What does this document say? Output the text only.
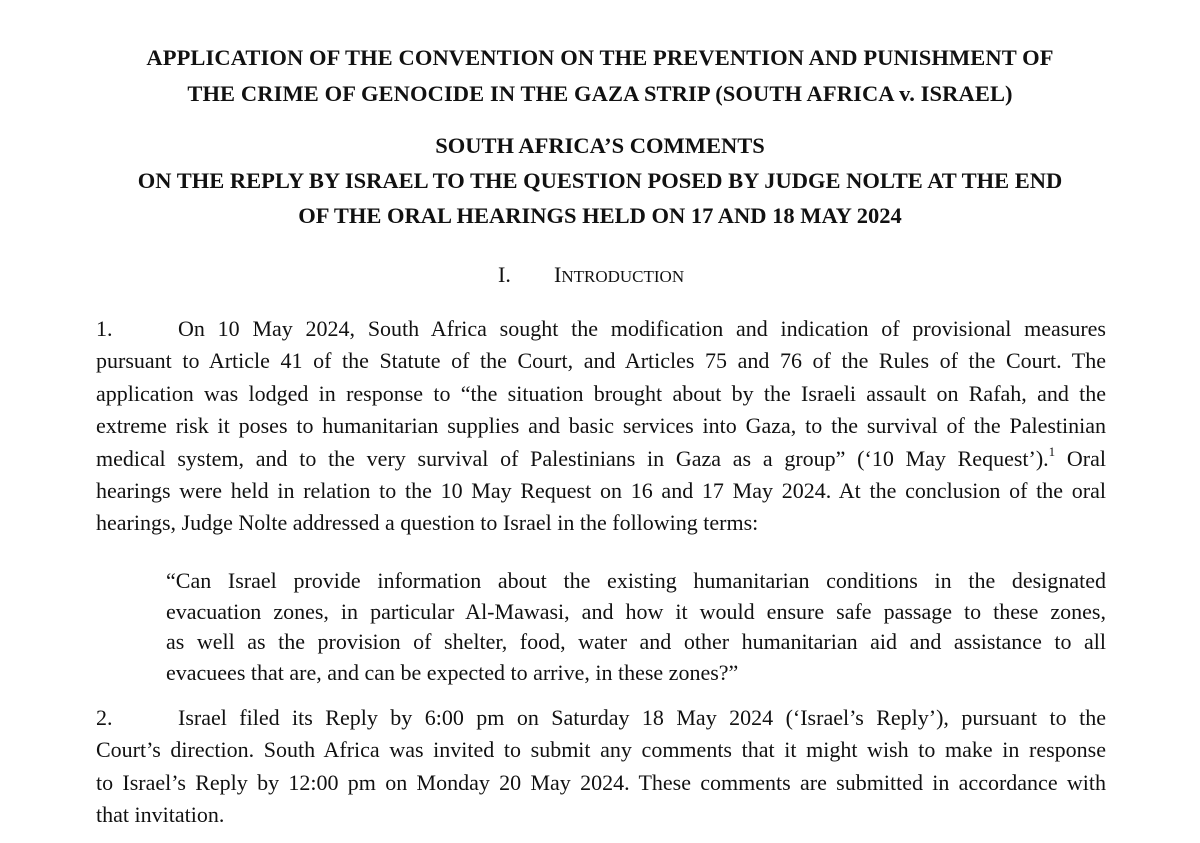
APPLICATION OF THE CONVENTION ON THE PREVENTION AND PUNISHMENT OF
THE CRIME OF GENOCIDE IN THE GAZA STRIP (SOUTH AFRICA v. ISRAEL)
SOUTH AFRICA’S COMMENTS
ON THE REPLY BY ISRAEL TO THE QUESTION POSED BY JUDGE NOLTE AT THE END
OF THE ORAL HEARINGS HELD ON 17 AND 18 MAY 2024
I. INTRODUCTION
1.	On 10 May 2024, South Africa sought the modification and indication of provisional measures
pursuant to Article 41 of the Statute of the Court, and Articles 75 and 76 of the Rules of the Court. The
application was lodged in response to “the situation brought about by the Israeli assault on Rafah, and the
extreme risk it poses to humanitarian supplies and basic services into Gaza, to the survival of the Palestinian
medical system, and to the very survival of Palestinians in Gaza as a group” (‘10 May Request’).$^1$ Oral
hearings were held in relation to the 10 May Request on 16 and 17 May 2024. At the conclusion of the oral
hearings, Judge Nolte addressed a question to Israel in the following terms:
“Can Israel provide information about the existing humanitarian conditions in the designated
evacuation zones, in particular Al-Mawasi, and how it would ensure safe passage to these zones,
as well as the provision of shelter, food, water and other humanitarian aid and assistance to all
evacuees that are, and can be expected to arrive, in these zones?”
2.	Israel filed its Reply by 6:00 pm on Saturday 18 May 2024 (‘Israel’s Reply’), pursuant to the
Court’s direction. South Africa was invited to submit any comments that it might wish to make in response
to Israel’s Reply by 12:00 pm on Monday 20 May 2024. These comments are submitted in accordance with
that invitation.
